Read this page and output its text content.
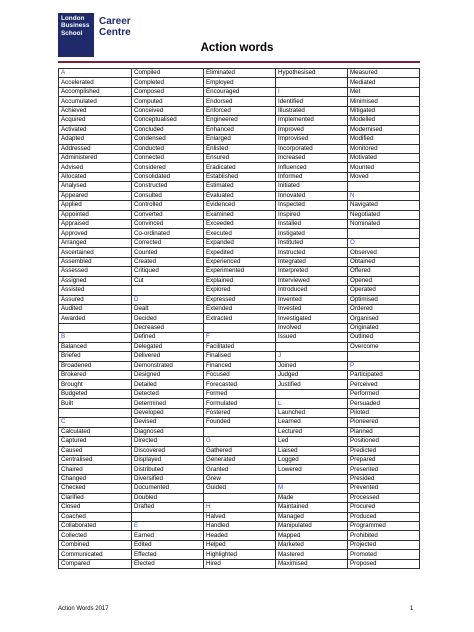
London
Business
School
Career
Centre
Action words
A	Compiled	Eliminated	Hypothesised	Measured
Accelerated	Completed	Employed		Mediated
Accomplished	Composed	Encouraged	I	Met
Accumulated	Computed	Endorsed	Identified	Minimised
Achieved	Conceived	Enforced	Illustrated	Mitigated
Acquired	Conceptualised	Engineered	Implemented	Modelled
Activated	Concluded	Enhanced	Improved	Modernised
Adapted	Condensed	Enlarged	Improvised	Modified
Addressed	Conducted	Enlisted	Incorporated	Monitored
Administered	Connected	Ensured	Increased	Motivated
Advised	Considered	Eradicated	Influenced	Mounted
Allocated	Consolidated	Established	Informed	Moved
Analysed	Constructed	Estimated	Initiated	
Appeared	Consulted	Evaluated	Innovated	N
Applied	Controlled	Evidenced	Inspected	Navigated
Appointed	Converted	Examined	Inspired	Negotiated
Appraised	Convinced	Exceeded	Installed	Nominated
Approved	Co-ordinated	Executed	Instigated	
Arranged	Corrected	Expanded	Instituted	O
Ascertained	Counted	Expedited	Instructed	Observed
Assembled	Created	Experienced	Integrated	Obtained
Assessed	Critiqued	Experimented	Interpreted	Offered
Assigned	Cut	Explained	Interviewed	Opened
Assisted		Explored	Introduced	Operated
Assured	D	Expressed	Invented	Optimised
Audited	Dealt	Extended	Invested	Ordered
Awarded	Decided	Extracted	Investigated	Organised
	Decreased		Involved	Originated
B	Defined	F	Issued	Outlined
Balanced	Delegated	Facilitated		Overcome
Briefed	Delivered	Finalised	J	
Broadened	Demonstrated	Financed	Joined	P
Brokered	Designed	Focused	Judged	Participated
Brought	Detailed	Forecasted	Justified	Perceived
Budgeted	Detected	Formed		Performed
Built	Determined	Formulated	L	Persuaded
	Developed	Fostered	Launched	Piloted
C	Devised	Founded	Learned	Pioneered
Calculated	Diagnosed		Lectured	Planned
Captured	Directed	G	Led	Positioned
Caused	Discovered	Gathered	Liaised	Predicted
Centralised	Displayed	Generated	Logged	Prepared
Chaired	Distributed	Granted	Lowered	Presented
Changed	Diversified	Grew		Presided
Checked	Documented	Guided	M	Prevented
Clarified	Doubled		Made	Processed
Closed	Drafted	H	Maintained	Procured
Coached		Halved	Managed	Produced
Collaborated	E	Handled	Manipulated	Programmed
Collected	Earned	Headed	Mapped	Prohibited
Combined	Edited	Helped	Marketed	Projected
Communicated	Effected	Highlighted	Mastered	Promoted
Compared	Elected	Hired	Maximised	Proposed
Action Words 2017	1
